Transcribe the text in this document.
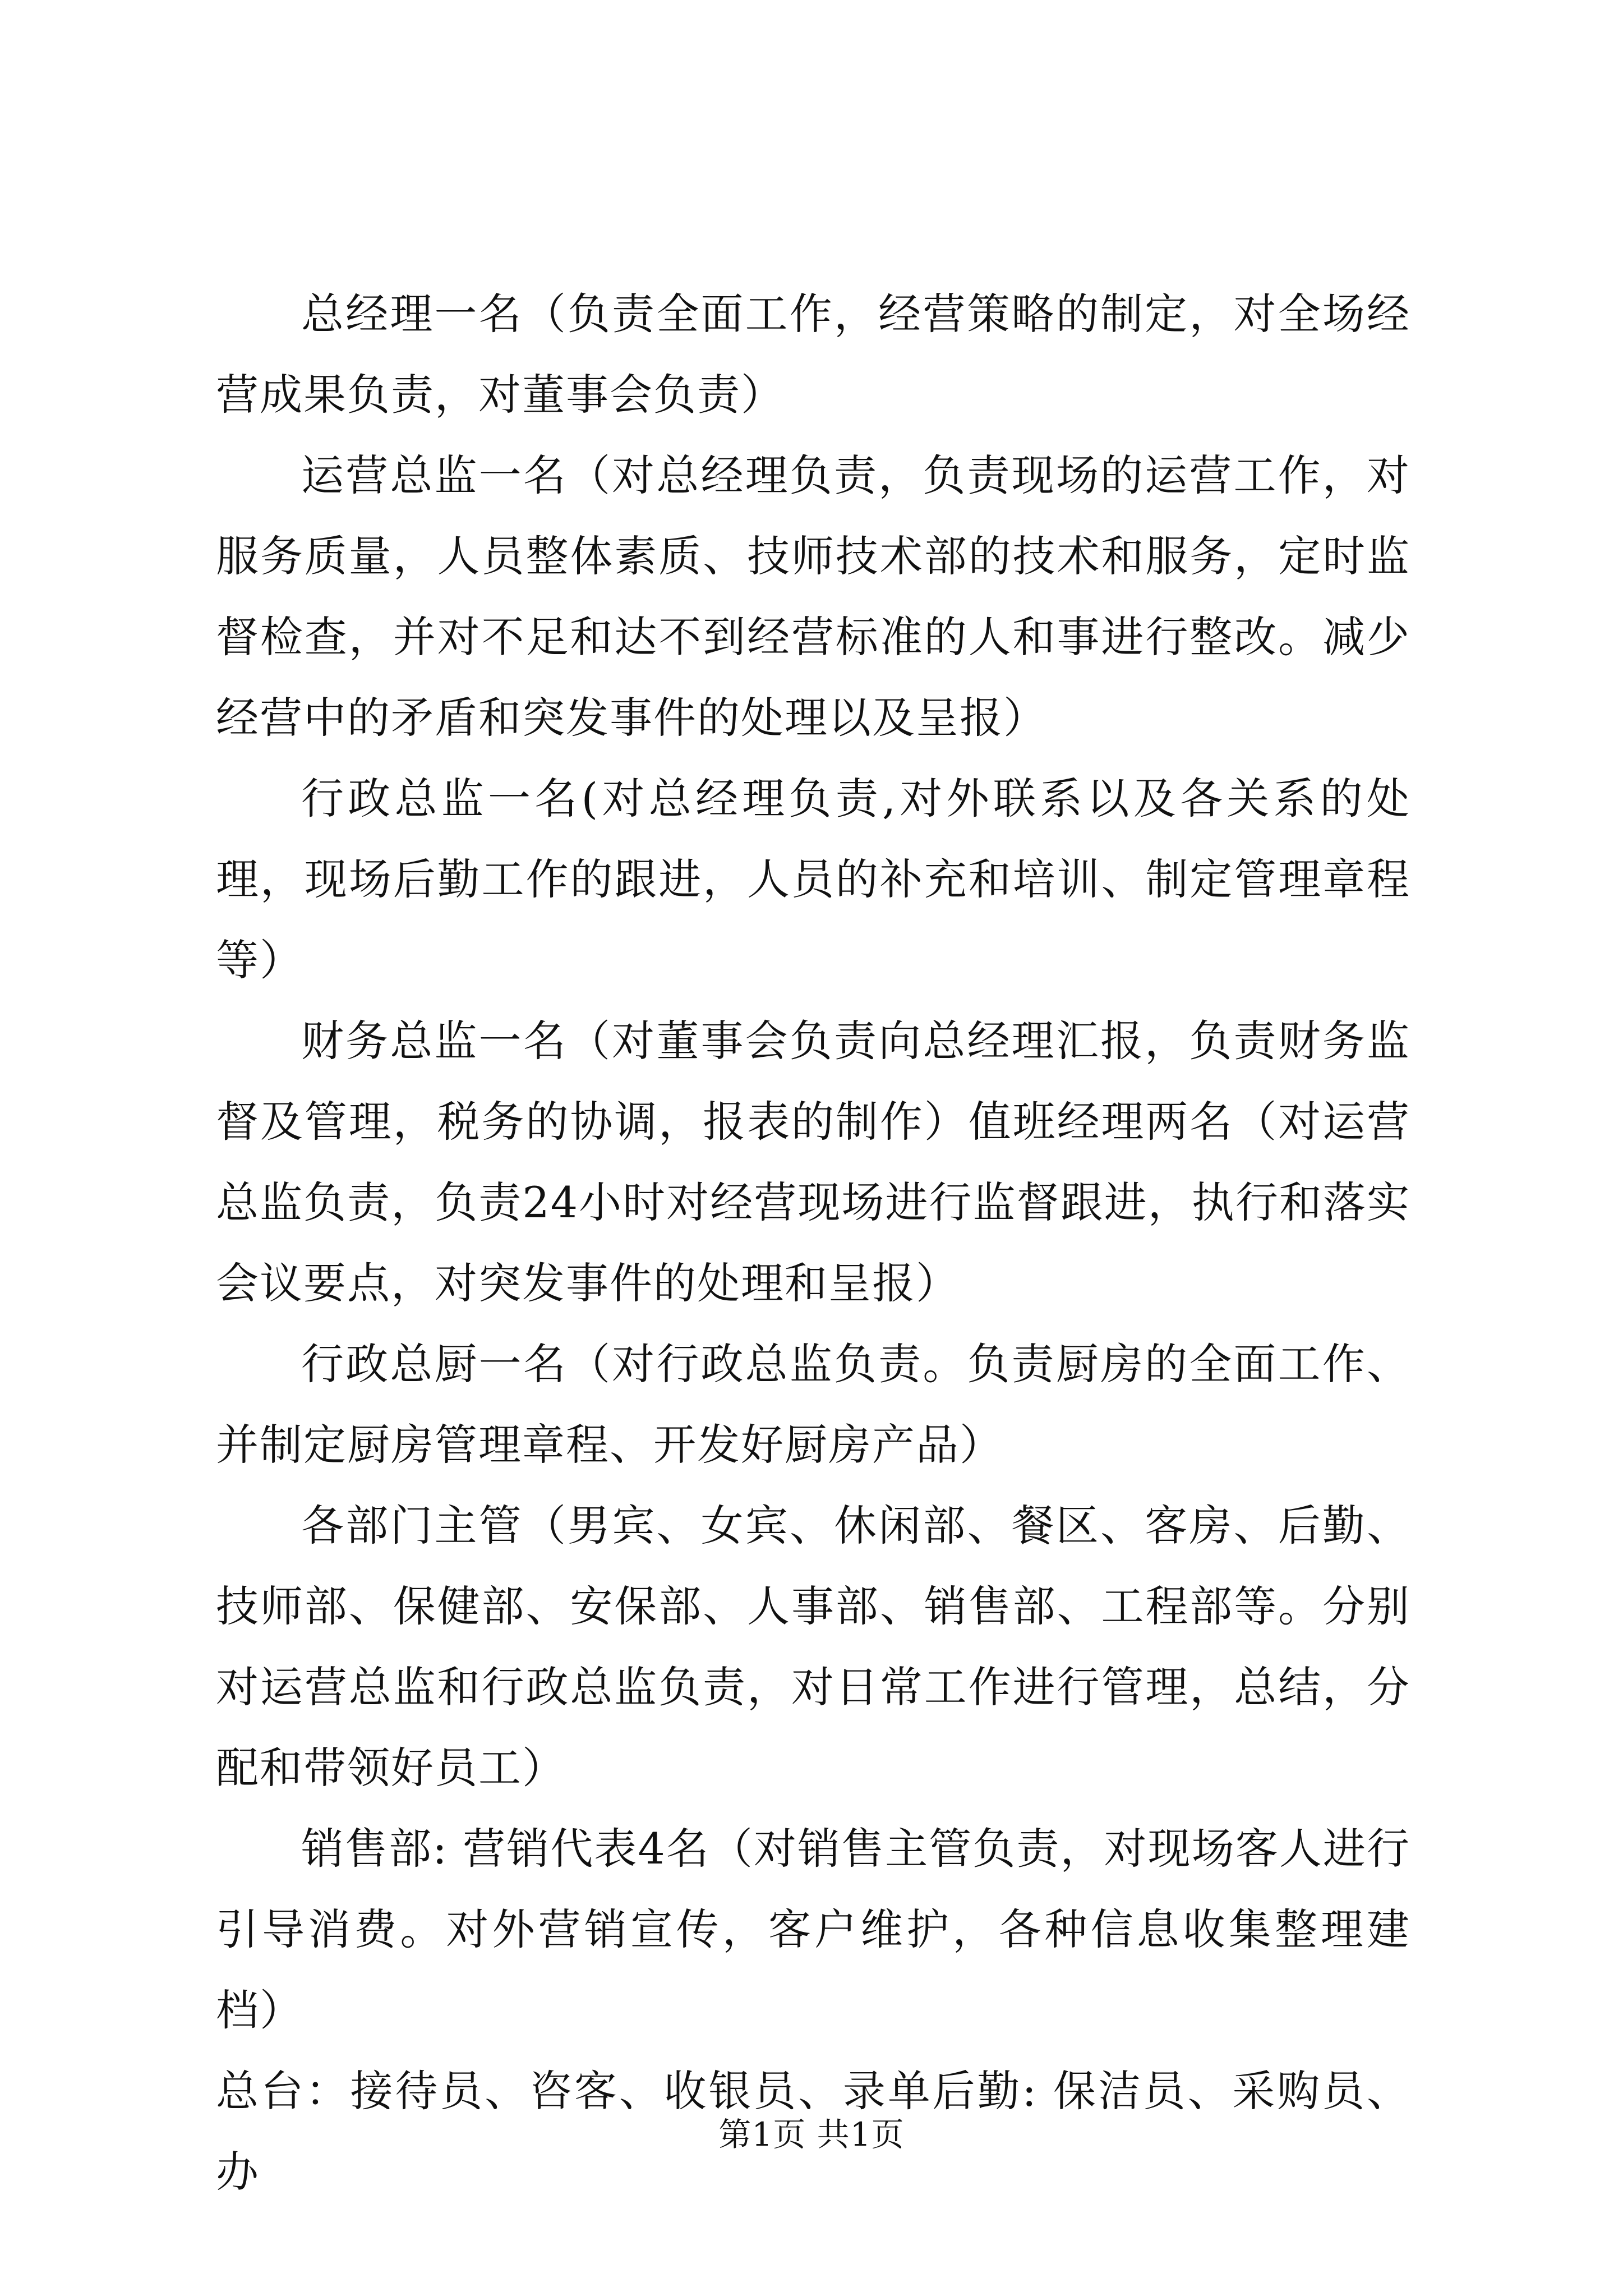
总经理一名（负责全面工作，经营策略的制定，对全场经营成果负责，对董事会负责）

运营总监一名（对总经理负责，负责现场的运营工作，对服务质量，人员整体素质、技师技术部的技术和服务，定时监督检查，并对不足和达不到经营标准的人和事进行整改。减少经营中的矛盾和突发事件的处理以及呈报）

行政总监一名(对总经理负责,对外联系以及各关系的处理，现场后勤工作的跟进，人员的补充和培训、制定管理章程等）

财务总监一名（对董事会负责向总经理汇报，负责财务监督及管理，税务的协调，报表的制作）值班经理两名（对运营总监负责，负责24小时对经营现场进行监督跟进，执行和落实会议要点，对突发事件的处理和呈报）

行政总厨一名（对行政总监负责。负责厨房的全面工作、并制定厨房管理章程、开发好厨房产品）

各部门主管（男宾、女宾、休闲部、餐区、客房、后勤、技师部、保健部、安保部、人事部、销售部、工程部等。分别对运营总监和行政总监负责，对日常工作进行管理，总结，分配和带领好员工）

销售部: 营销代表4名（对销售主管负责，对现场客人进行引导消费。对外营销宣传，客户维护，各种信息收集整理建档）

总台：接待员、咨客、收银员、录单后勤: 保洁员、采购员、办

第1页 共1页
